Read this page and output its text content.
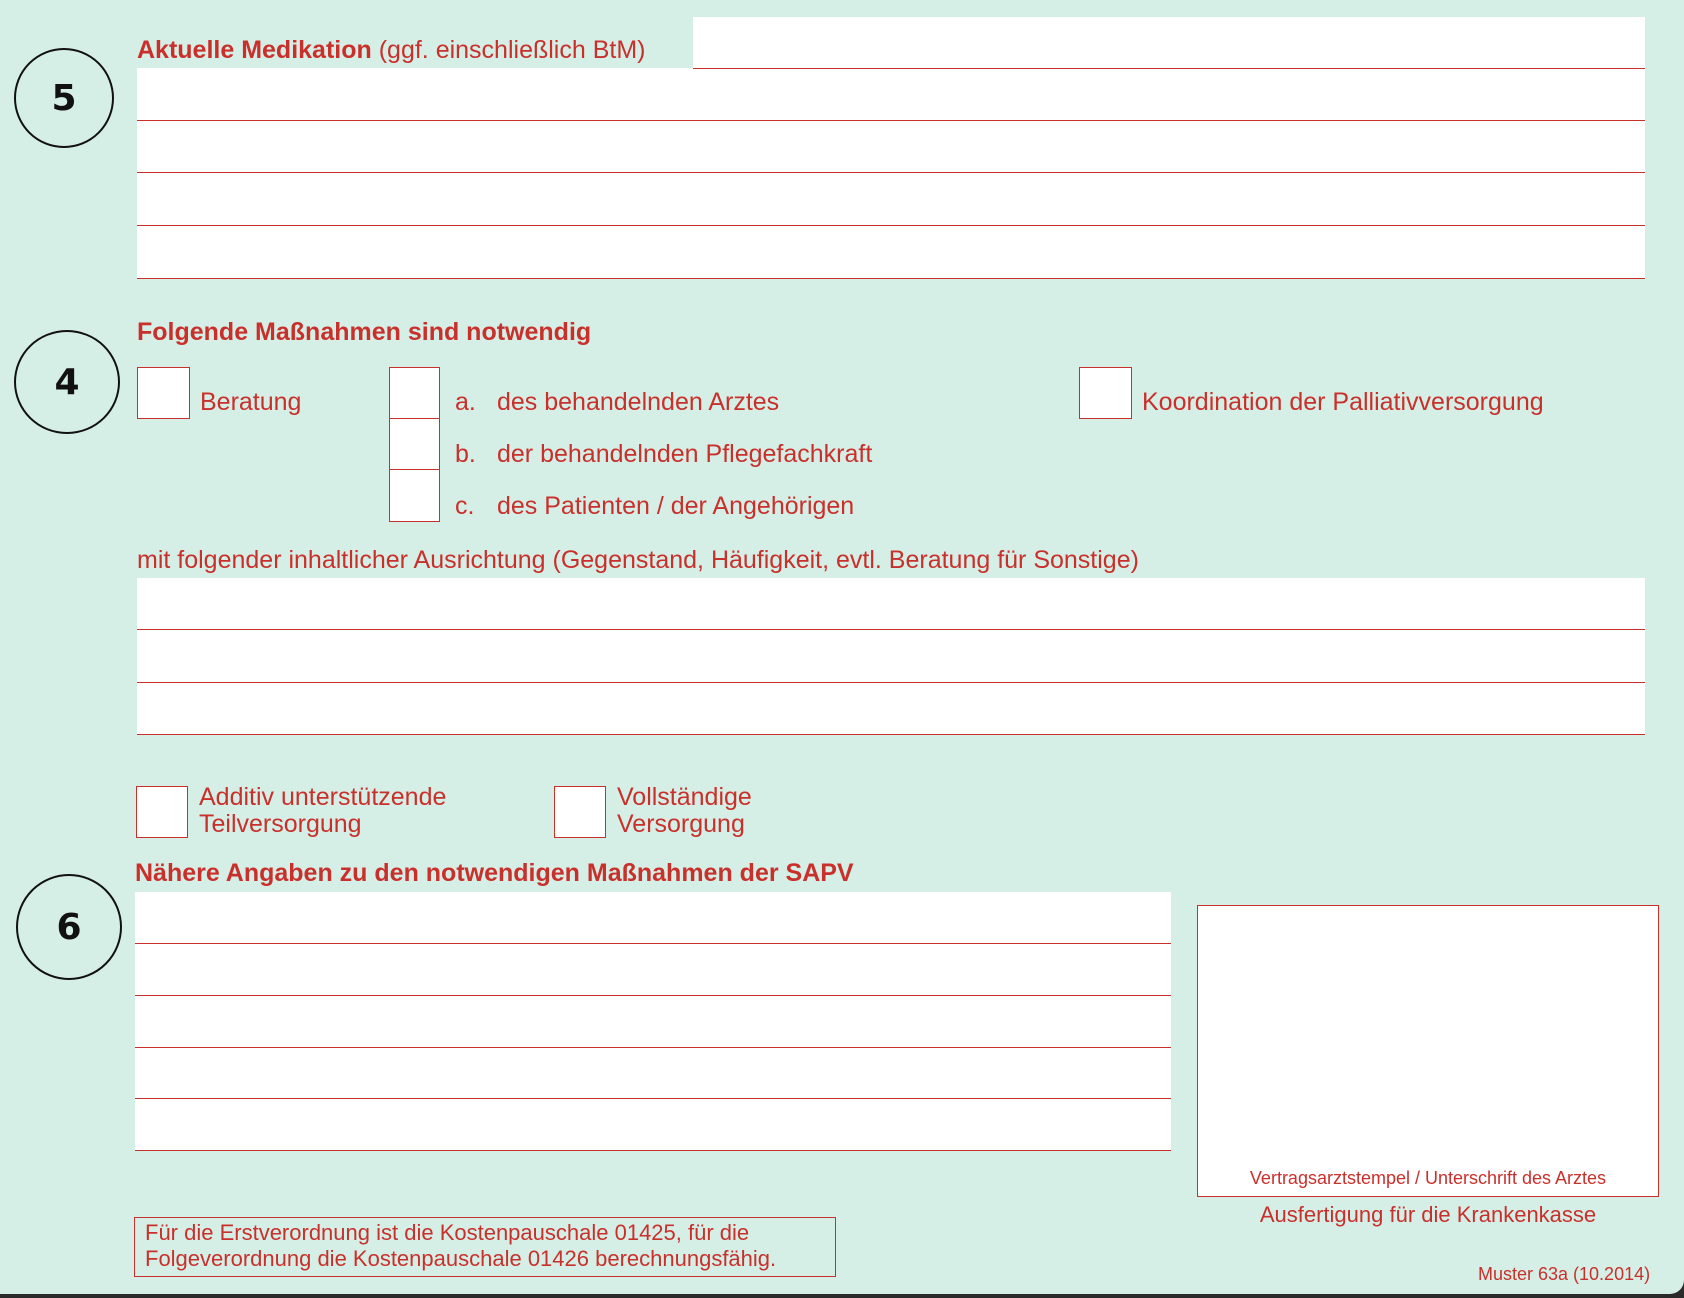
5
Aktuelle Medikation (ggf. einschließlich BtM)
4
Folgende Maßnahmen sind notwendig
Beratung	a. des behandelnden Arztes
b. der behandelnden Pflegefachkraft
c. des Patienten / der Angehörigen
Koordination der Palliativversorgung
mit folgender inhaltlicher Ausrichtung (Gegenstand, Häufigkeit, evtl. Beratung für Sonstige)
Additiv unterstützende
Teilversorgung
Vollständige
Versorgung
6
Nähere Angaben zu den notwendigen Maßnahmen der SAPV
Vertragsarztstempel / Unterschrift des Arztes
Ausfertigung für die Krankenkasse
Für die Erstverordnung ist die Kostenpauschale 01425, für die
Folgeverordnung die Kostenpauschale 01426 berechnungsfähig.
Muster 63a (10.2014)
